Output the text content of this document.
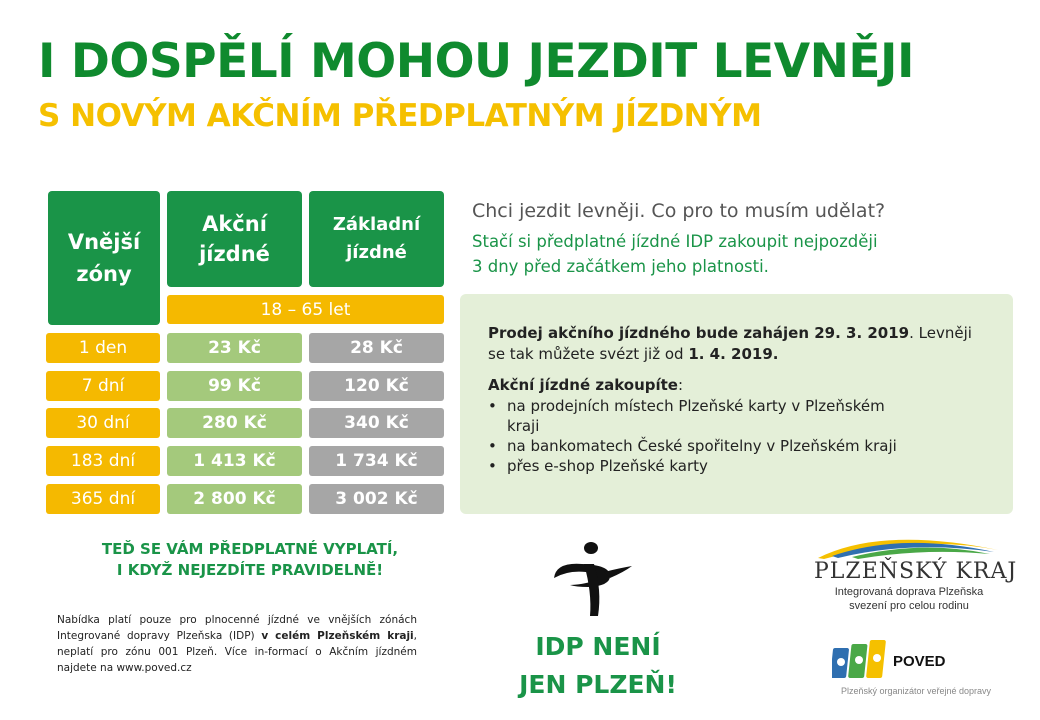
I DOSPĚLÍ MOHOU JEZDIT LEVNĚJI
S NOVÝM AKČNÍM PŘEDPLATNÝM JÍZDNÝM
Vnější
zóny
Akční
jízdné
Základní
jízdné
18 – 65 let
1 den	23 Kč	28 Kč
7 dní	99 Kč	120 Kč
30 dní	280 Kč	340 Kč
183 dní	1 413 Kč	1 734 Kč
365 dní	2 800 Kč	3 002 Kč
Chci jezdit levněji. Co pro to musím udělat?
Stačí si předplatné jízdné IDP zakoupit nejpozději
3 dny před začátkem jeho platnosti.
Prodej akčního jízdného bude zahájen 29. 3. 2019. Levněji
se tak můžete svézt již od 1. 4. 2019.
Akční jízdné zakoupíte:
• na prodejních místech Plzeňské karty v Plzeňském
kraji
• na bankomatech České spořitelny v Plzeňském kraji
• přes e-shop Plzeňské karty
TEĎ SE VÁM PŘEDPLATNÉ VYPLATÍ,
I KDYŽ NEJEZDÍTE PRAVIDELNĚ!
Nabídka platí pouze pro plnocenné jízdné ve vnějších zónách Integrované dopravy Plzeňska (IDP) v celém Plzeňském kraji, neplatí pro zónu 001 Plzeň. Více in-formací o Akčním jízdném najdete na www.poved.cz
IDP NENÍ
JEN PLZEŇ!
PLZEŇSKÝ KRAJ
Integrovaná doprava Plzeňska
svezení pro celou rodinu
POVED
Plzeňský organizátor veřejné dopravy
